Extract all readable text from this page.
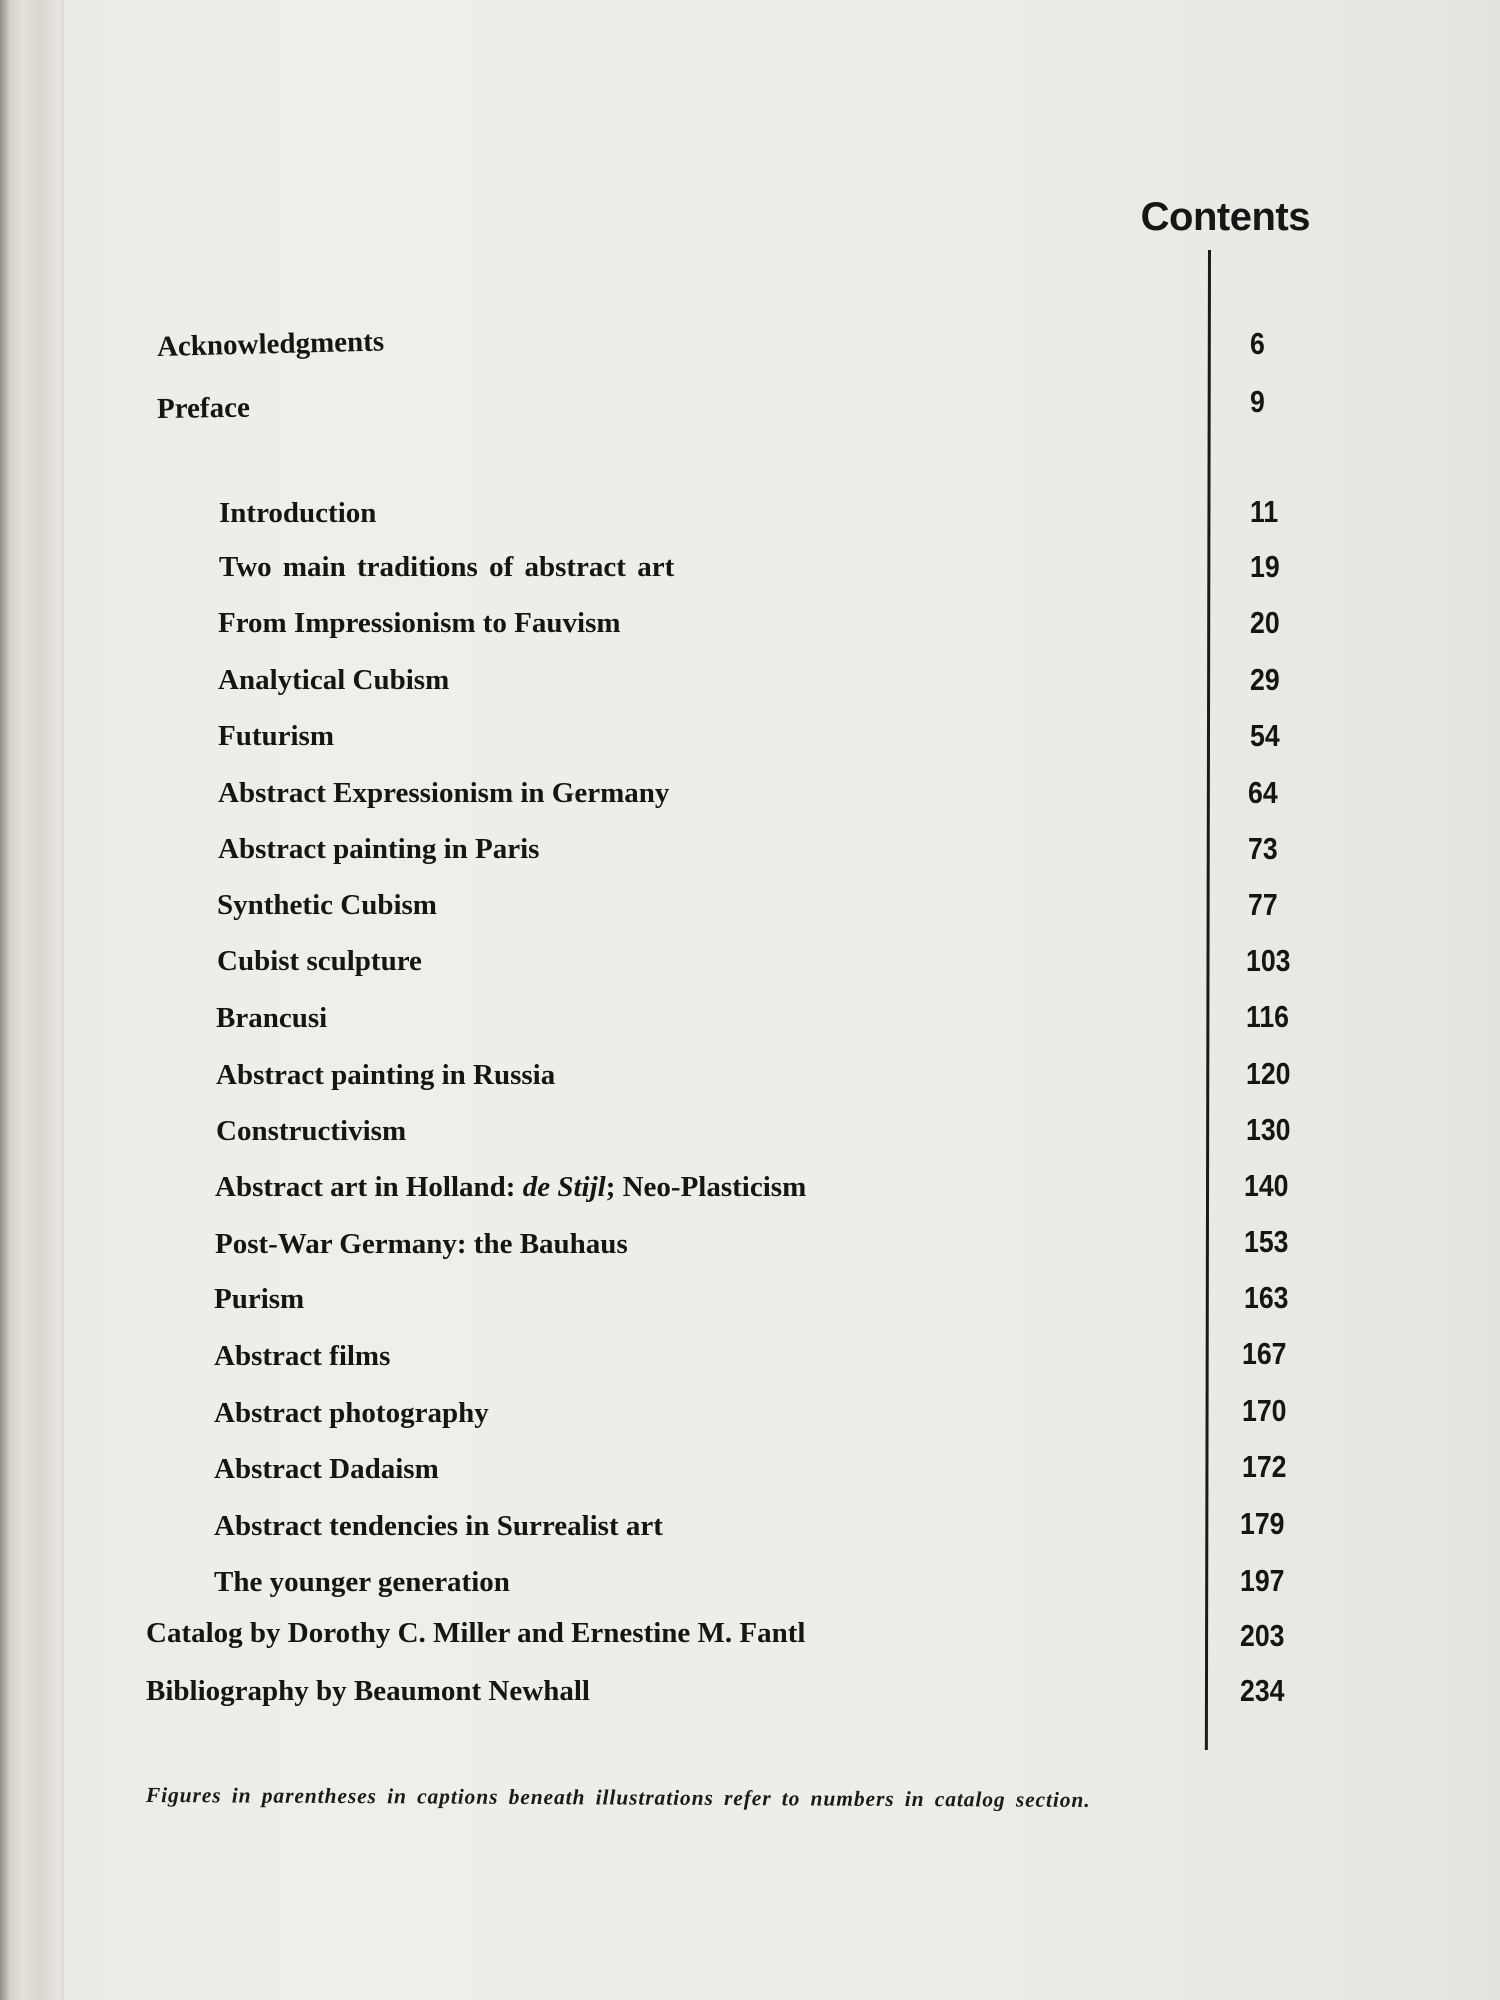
Contents
Acknowledgments	6
Preface	9
Introduction	11
Two main traditions of abstract art	19
From Impressionism to Fauvism	20
Analytical Cubism	29
Futurism	54
Abstract Expressionism in Germany	64
Abstract painting in Paris	73
Synthetic Cubism	77
Cubist sculpture	103
Brancusi	116
Abstract painting in Russia	120
Constructivism	130
Abstract art in Holland: de Stijl; Neo-Plasticism	140
Post-War Germany: the Bauhaus	153
Purism	163
Abstract films	167
Abstract photography	170
Abstract Dadaism	172
Abstract tendencies in Surrealist art	179
The younger generation	197
Catalog by Dorothy C. Miller and Ernestine M. Fantl	203
Bibliography by Beaumont Newhall	234
Figures in parentheses in captions beneath illustrations refer to numbers in catalog section.
